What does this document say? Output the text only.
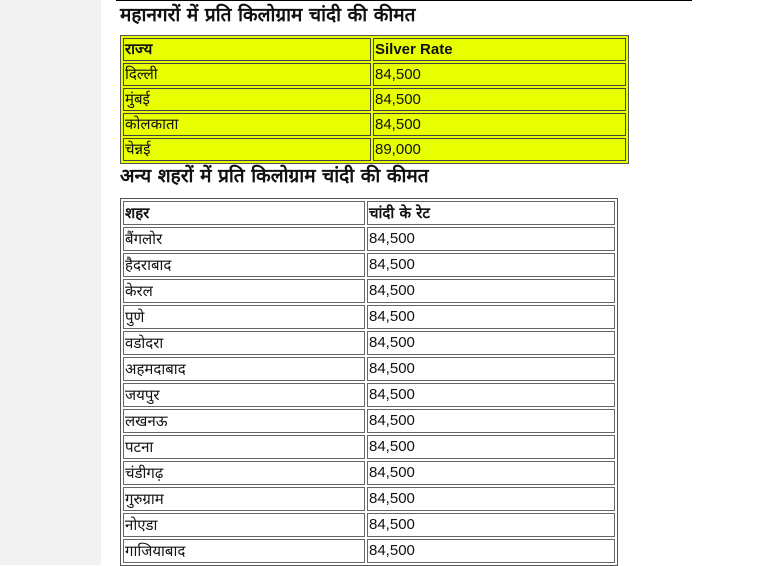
महानगरों में प्रति किलोग्राम चांदी की कीमत
राज्य	Silver Rate
दिल्ली	84,500
मुंबई	84,500
कोलकाता	84,500
चेन्नई	89,000
अन्य शहरों में प्रति किलोग्राम चांदी की कीमत
शहर	चांदी के रेट
बैंगलोर	84,500
हैदराबाद	84,500
केरल	84,500
पुणे	84,500
वडोदरा	84,500
अहमदाबाद	84,500
जयपुर	84,500
लखनऊ	84,500
पटना	84,500
चंडीगढ़	84,500
गुरुग्राम	84,500
नोएडा	84,500
गाजियाबाद	84,500
